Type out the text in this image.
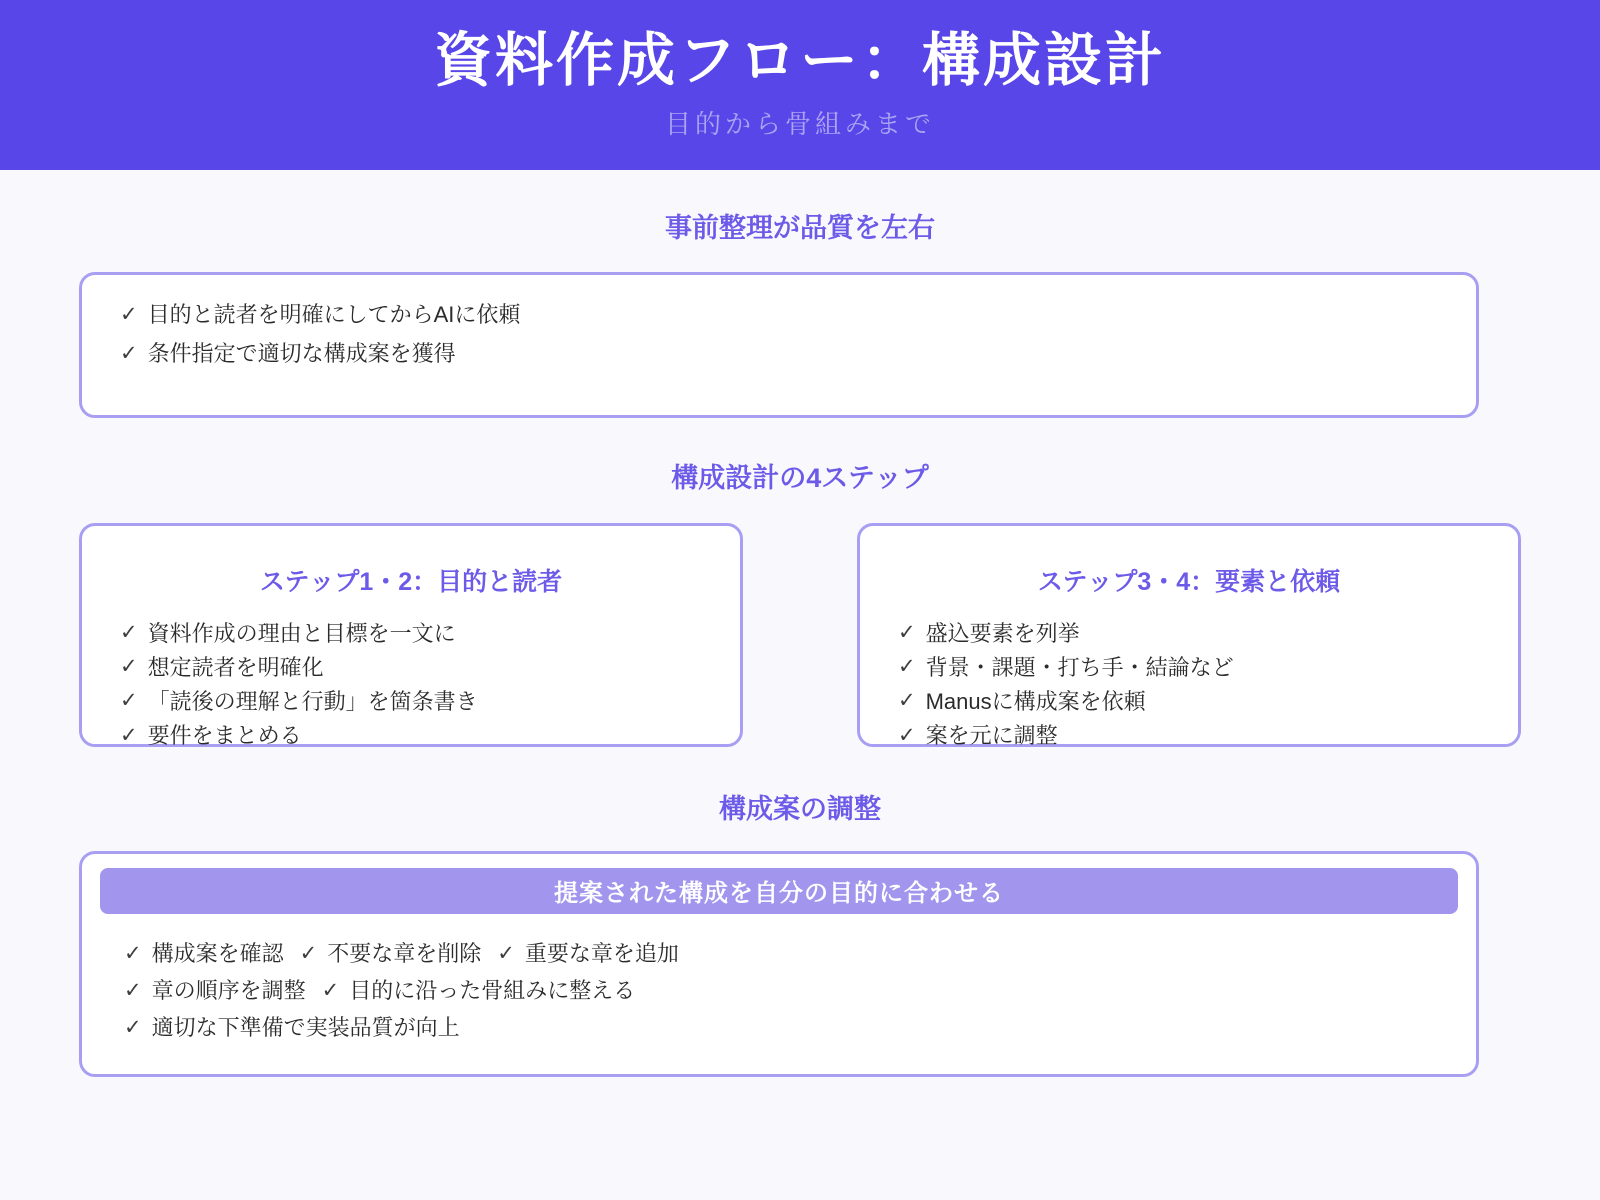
資料作成フロー：構成設計
目的から骨組みまで
事前整理が品質を左右
✓ 目的と読者を明確にしてからAIに依頼
✓ 条件指定で適切な構成案を獲得
構成設計の4ステップ
ステップ1・2：目的と読者
✓ 資料作成の理由と目標を一文に
✓ 想定読者を明確化
✓ 「読後の理解と行動」を箇条書き
✓ 要件をまとめる
ステップ3・4：要素と依頼
✓ 盛込要素を列挙
✓ 背景・課題・打ち手・結論など
✓ Manusに構成案を依頼
✓ 案を元に調整
構成案の調整
提案された構成を自分の目的に合わせる
✓ 構成案を確認 ✓ 不要な章を削除 ✓ 重要な章を追加
✓ 章の順序を調整 ✓ 目的に沿った骨組みに整える
✓ 適切な下準備で実装品質が向上
